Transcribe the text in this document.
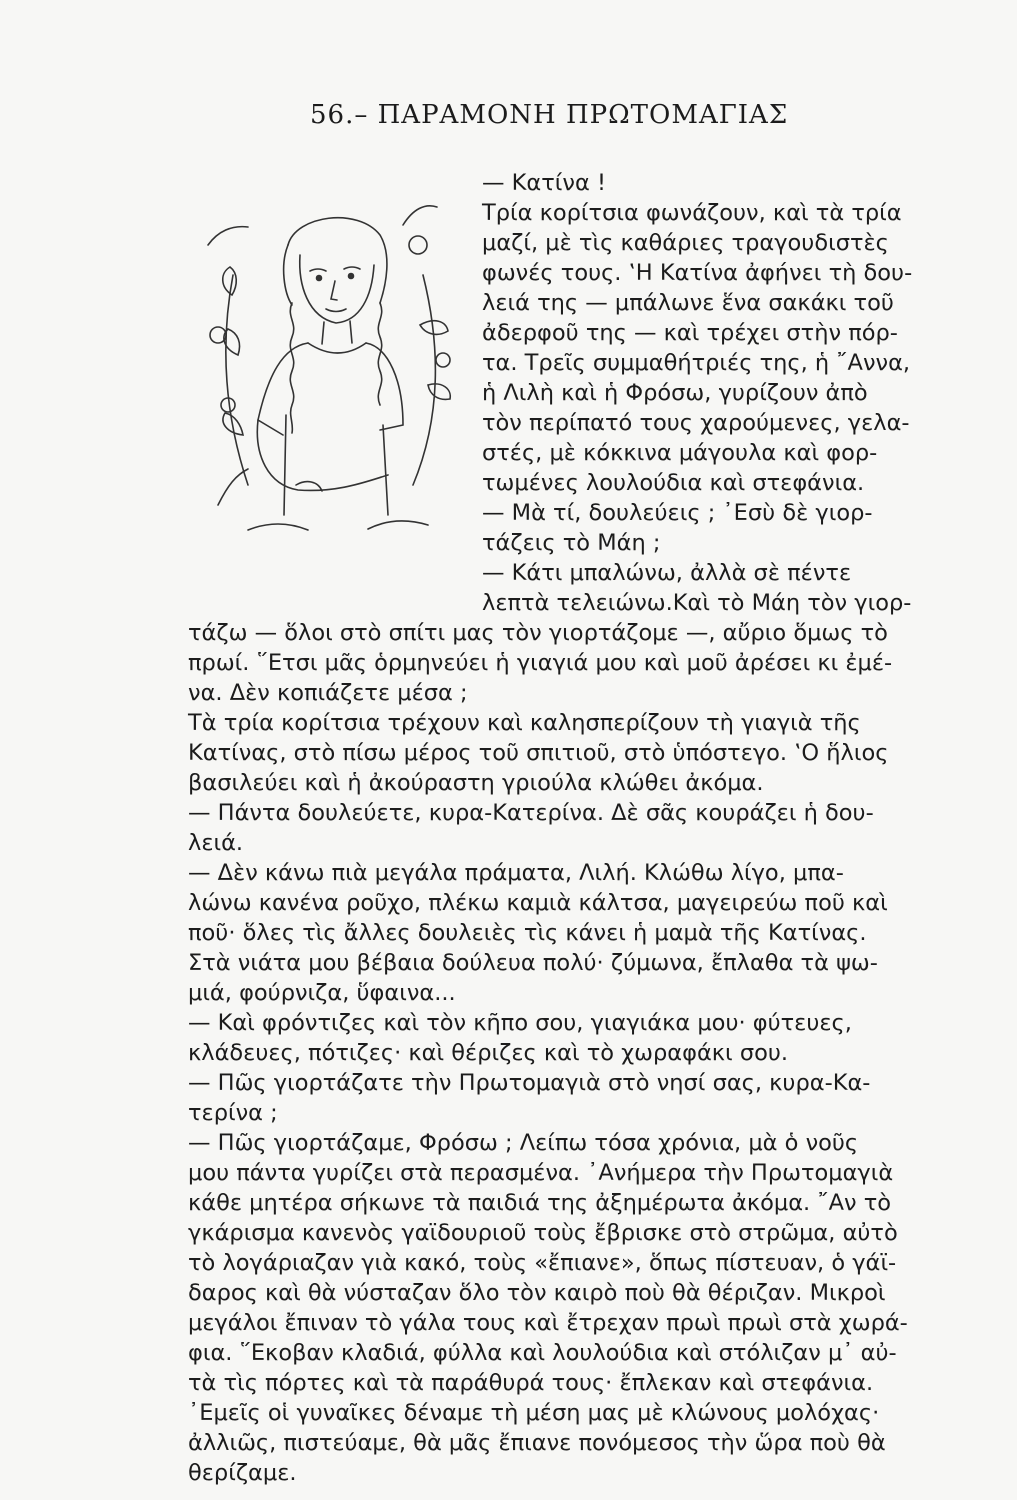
56.– ΠΑΡΑΜΟΝΗ ΠΡΩΤΟΜΑΓΙΑΣ
— Κατίνα !
Τρία κορίτσια φωνάζουν, καὶ τὰ τρία
μαζί, μὲ τὶς καθάριες τραγουδιστὲς
φωνές τους. ‛Η Κατίνα ἀφήνει τὴ δου-
λειά της — μπάλωνε ἕνα σακάκι τοῦ
ἀδερφοῦ της — καὶ τρέχει στὴν πόρ-
τα. Τρεῖς συμμαθήτριές της, ἡ ῎Αννα,
ἡ Λιλὴ καὶ ἡ Φρόσω, γυρίζουν ἀπὸ
τὸν περίπατό τους χαρούμενες, γελα-
στές, μὲ κόκκινα μάγουλα καὶ φορ-
τωμένες λουλούδια καὶ στεφάνια.
— Μὰ τί, δουλεύεις ; ᾿Εσὺ δὲ γιορ-
τάζεις τὸ Μάη ;
— Κάτι μπαλώνω, ἀλλὰ σὲ πέντε
λεπτὰ τελειώνω.Καὶ τὸ Μάη τὸν γιορ-
τάζω — ὅλοι στὸ σπίτι μας τὸν γιορτάζομε —, αὔριο ὅμως τὸ
πρωί. ῞Ετσι μᾶς ὁρμηνεύει ἡ γιαγιά μου καὶ μοῦ ἀρέσει κι ἐμέ-
να. Δὲν κοπιάζετε μέσα ;
Τὰ τρία κορίτσια τρέχουν καὶ καλησπερίζουν τὴ γιαγιὰ τῆς
Κατίνας, στὸ πίσω μέρος τοῦ σπιτιοῦ, στὸ ὑπόστεγο. ‛Ο ἥλιος
βασιλεύει καὶ ἡ ἀκούραστη γριούλα κλώθει ἀκόμα.
— Πάντα δουλεύετε, κυρα-Κατερίνα. Δὲ σᾶς κουράζει ἡ δου-
λειά.
— Δὲν κάνω πιὰ μεγάλα πράματα, Λιλή. Κλώθω λίγο, μπα-
λώνω κανένα ροῦχο, πλέκω καμιὰ κάλτσα, μαγειρεύω ποῦ καὶ
ποῦ· ὅλες τὶς ἄλλες δουλειὲς τὶς κάνει ἡ μαμὰ τῆς Κατίνας.
Στὰ νιάτα μου βέβαια δούλευα πολύ· ζύμωνα, ἔπλαθα τὰ ψω-
μιά, φούρνιζα, ὕφαινα...
— Καὶ φρόντιζες καὶ τὸν κῆπο σου, γιαγιάκα μου· φύτευες,
κλάδευες, πότιζες· καὶ θέριζες καὶ τὸ χωραφάκι σου.
— Πῶς γιορτάζατε τὴν Πρωτομαγιὰ στὸ νησί σας, κυρα-Κα-
τερίνα ;
— Πῶς γιορτάζαμε, Φρόσω ; Λείπω τόσα χρόνια, μὰ ὁ νοῦς
μου πάντα γυρίζει στὰ περασμένα. ᾿Ανήμερα τὴν Πρωτομαγιὰ
κάθε μητέρα σήκωνε τὰ παιδιά της ἀξημέρωτα ἀκόμα. ῎Αν τὸ
γκάρισμα κανενὸς γαϊδουριοῦ τοὺς ἔβρισκε στὸ στρῶμα, αὐτὸ
τὸ λογάριαζαν γιὰ κακό, τοὺς «ἔπιανε», ὅπως πίστευαν, ὁ γάϊ-
δαρος καὶ θὰ νύσταζαν ὅλο τὸν καιρὸ ποὺ θὰ θέριζαν. Μικροὶ
μεγάλοι ἔπιναν τὸ γάλα τους καὶ ἔτρεχαν πρωὶ πρωὶ στὰ χωρά-
φια. ῞Εκοβαν κλαδιά, φύλλα καὶ λουλούδια καὶ στόλιζαν μ᾿ αὐ-
τὰ τὶς πόρτες καὶ τὰ παράθυρά τους· ἔπλεκαν καὶ στεφάνια.
᾿Εμεῖς οἱ γυναῖκες δέναμε τὴ μέση μας μὲ κλώνους μολόχας·
ἀλλιῶς, πιστεύαμε, θὰ μᾶς ἔπιανε πονόμεσος τὴν ὥρα ποὺ θὰ
θερίζαμε.
